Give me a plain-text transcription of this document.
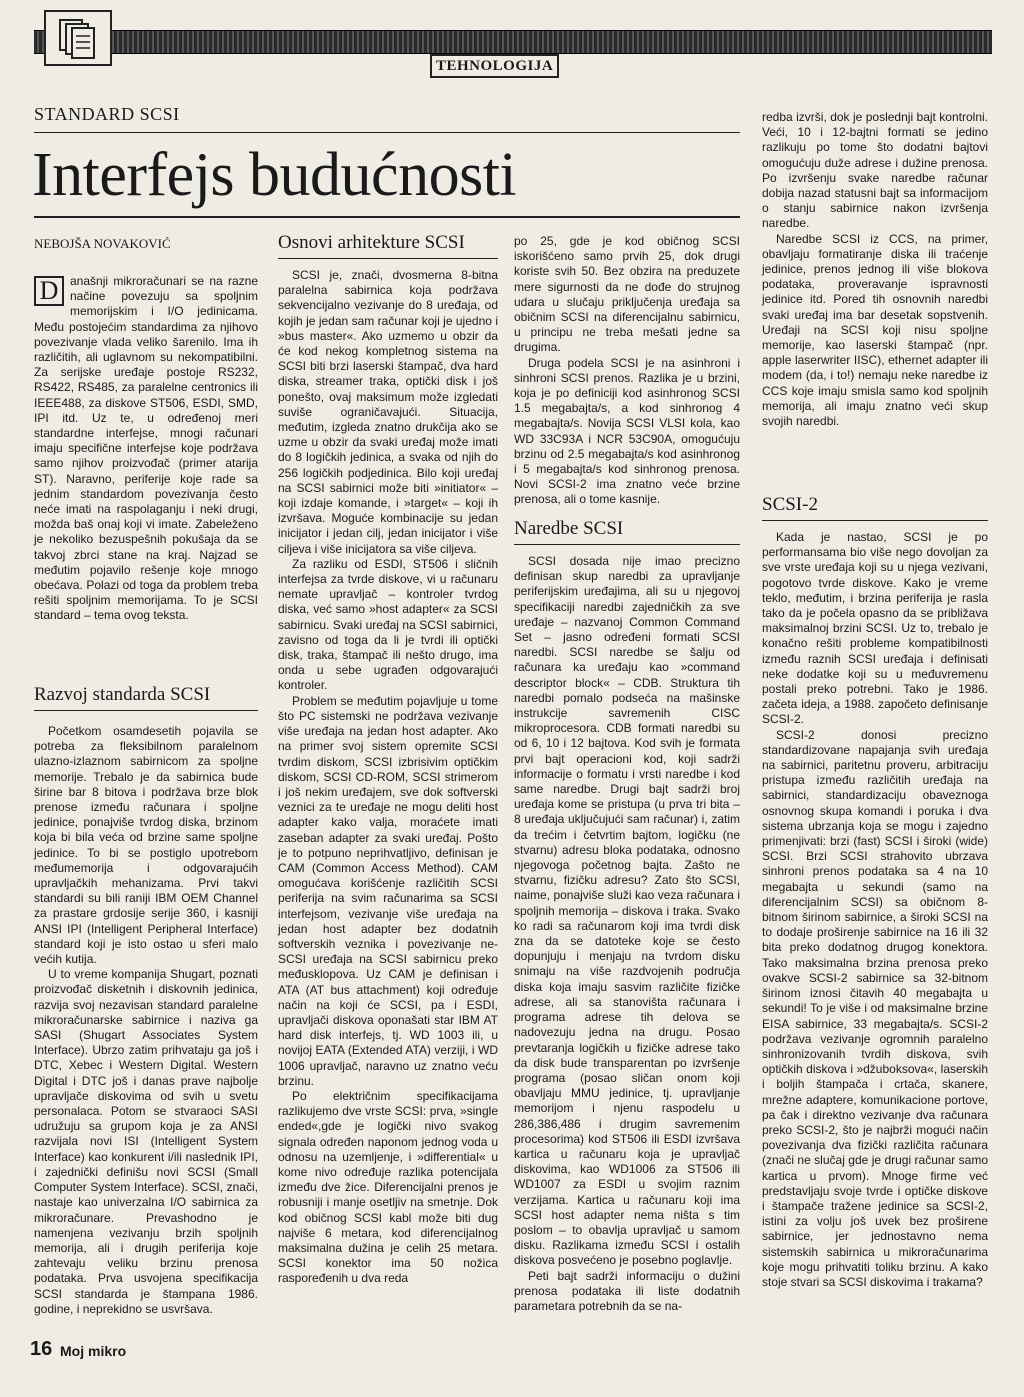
TEHNOLOGIJA
STANDARD SCSI
Interfejs budućnosti
NEBOJŠA NOVAKOVIĆ

D anašnji mikroračunari se na razne načine povezuju sa spoljnim memorijskim i I/O jedinicama. Među postojećim standardima za njihovo povezivanje vlada veliko šarenilo. Ima ih različitih, ali uglavnom su nekompatibilni. Za serijske uređaje postoje RS232, RS422, RS485, za paralelne centronics ili IEEE488, za diskove ST506, ESDI, SMD, IPI itd. Uz te, u određenoj meri standardne interfejse, mnogi računari imaju specifične interfejse koje podržava samo njihov proizvođač (primer atarija ST). Naravno, periferije koje rade sa jednim standardom povezivanja često neće imati na raspolaganju i neki drugi, možda baš onaj koji vi imate. Zabeleženo je nekoliko bezuspešnih pokušaja da se takvoj zbrci stane na kraj. Najzad se međutim pojavilo rešenje koje mnogo obećava. Polazi od toga da problem treba rešiti spoljnim memorijama. To je SCSI standard – tema ovog teksta.

Razvoj standarda SCSI

Početkom osamdesetih pojavila se potreba za fleksibilnom paralelnom ulazno-izlaznom sabirnicom za spoljne memorije. Trebalo je da sabirnica bude širine bar 8 bitova i podržava brze blok prenose između računara i spoljne jedinice, ponajviše tvrdog diska, brzinom koja bi bila veća od brzine same spoljne jedinice. To bi se postiglo upotrebom međumemorija i odgovarajućih upravljačkih mehanizama. Prvi takvi standardi su bili raniji IBM OEM Channel za prastare grdosije serije 360, i kasniji ANSI IPI (Intelligent Peripheral Interface) standard koji je isto ostao u sferi malo većih kutija.

U to vreme kompanija Shugart, poznati proizvođač disketnih i diskovnih jedinica, razvija svoj nezavisan standard paralelne mikroračunarske sabirnice i naziva ga SASI (Shugart Associates System Interface). Ubrzo zatim prihvataju ga još i DTC, Xebec i Western Digital. Western Digital i DTC još i danas prave najbolje upravljače diskovima od svih u svetu personalaca. Potom se stvaraoci SASI udružuju sa grupom koja je za ANSI razvijala novi ISI (Intelligent System Interface) kao konkurent i/ili naslednik IPI, i zajednički definišu novi SCSI (Small Computer System Interface). SCSI, znači, nastaje kao univerzalna I/O sabirnica za mikroračunare. Prevashodno je namenjena vezivanju brzih spoljnih memorija, ali i drugih periferija koje zahtevaju veliku brzinu prenosa podataka. Prva usvojena specifikacija SCSI standarda je štampana 1986. godine, i neprekidno se usvršava.

Osnovi arhitekture SCSI

SCSI je, znači, dvosmerna 8-bitna paralelna sabirnica koja podržava sekvencijalno vezivanje do 8 uređaja, od kojih je jedan sam računar koji je ujedno i »bus master«. Ako uzmemo u obzir da će kod nekog kompletnog sistema na SCSI biti brzi laserski štampač, dva hard diska, streamer traka, optički disk i još ponešto, ovaj maksimum može izgledati suviše ograničavajući. Situacija, međutim, izgleda znatno drukčija ako se uzme u obzir da svaki uređaj može imati do 8 logičkih jedinica, a svaka od njih do 256 logičkih podjedinica. Bilo koji uređaj na SCSI sabirnici može biti »initiator« – koji izdaje komande, i »target« – koji ih izvršava. Moguće kombinacije su jedan inicijator i jedan cilj, jedan inicijator i više ciljeva i više inicijatora sa više ciljeva.

Za razliku od ESDI, ST506 i sličnih interfejsa za tvrde diskove, vi u računaru nemate upravljač – kontroler tvrdog diska, već samo »host adapter« za SCSI sabirnicu. Svaki uređaj na SCSI sabirnici, zavisno od toga da li je tvrdi ili optički disk, traka, štampač ili nešto drugo, ima onda u sebe ugrađen odgovarajući kontroler.

Problem se međutim pojavljuje u tome što PC sistemski ne podržava vezivanje više uređaja na jedan host adapter. Ako na primer svoj sistem opremite SCSI tvrdim diskom, SCSI izbrisivim optičkim diskom, SCSI CD-ROM, SCSI strimerom i još nekim uređajem, sve dok softverski veznici za te uređaje ne mogu deliti host adapter kako valja, moraćete imati zaseban adapter za svaki uređaj. Pošto je to potpuno neprihvatljivo, definisan je CAM (Common Access Method). CAM omogućava korišćenje različitih SCSI periferija na svim računarima sa SCSI interfejsom, vezivanje više uređaja na jedan host adapter bez dodatnih softverskih veznika i povezivanje ne-SCSI uređaja na SCSI sabirnicu preko međusklopova. Uz CAM je definisan i ATA (AT bus attachment) koji određuje način na koji će SCSI, pa i ESDI, upravljači diskova oponašati star IBM AT hard disk interfejs, tj. WD 1003 ili, u novijoj EATA (Extended ATA) verziji, i WD 1006 upravljač, naravno uz znatno veću brzinu.

Po električnim specifikacijama razlikujemo dve vrste SCSI: prva, »single ended«,gde je logički nivo svakog signala određen naponom jednog voda u odnosu na uzemljenje, i »differential« u kome nivo određuje razlika potencijala između dve žice. Diferencijalni prenos je robusniji i manje osetljiv na smetnje. Dok kod običnog SCSI kabl može biti dug najviše 6 metara, kod diferencijalnog maksimalna dužina je celih 25 metara. SCSI konektor ima 50 nožica raspoređenih u dva reda

po 25, gde je kod običnog SCSI iskorišćeno samo prvih 25, dok drugi koriste svih 50. Bez obzira na preduzete mere sigurnosti da ne dođe do strujnog udara u slučaju priključenja uređaja sa običnim SCSI na diferencijalnu sabirnicu, u principu ne treba mešati jedne sa drugima.

Druga podela SCSI je na asinhroni i sinhroni SCSI prenos. Razlika je u brzini, koja je po definiciji kod asinhronog SCSI 1.5 megabajta/s, a kod sinhronog 4 megabajta/s. Novija SCSI VLSI kola, kao WD 33C93A i NCR 53C90A, omogućuju brzinu od 2.5 megabajta/s kod asinhronog i 5 megabajta/s kod sinhronog prenosa. Novi SCSI-2 ima znatno veće brzine prenosa, ali o tome kasnije.

Naredbe SCSI

SCSI dosada nije imao precizno definisan skup naredbi za upravljanje periferijskim uređajima, ali su u njegovoj specifikaciji naredbi zajedničkih za sve uređaje – nazvanoj Common Command Set – jasno određeni formati SCSI naredbi. SCSI naredbe se šalju od računara ka uređaju kao »command descriptor block« – CDB. Struktura tih naredbi pomalo podseća na mašinske instrukcije savremenih CISC mikroprocesora. CDB formati naredbi su od 6, 10 i 12 bajtova. Kod svih je formata prvi bajt operacioni kod, koji sadrži informacije o formatu i vrsti naredbe i kod same naredbe. Drugi bajt sadrži broj uređaja kome se pristupa (u prva tri bita – 8 uređaja uključujući sam računar) i, zatim da trećim i četvrtim bajtom, logičku (ne stvarnu) adresu bloka podataka, odnosno njegovoga početnog bajta. Zašto ne stvarnu, fizičku adresu? Zato što SCSI, naime, ponajviše služi kao veza računara i spoljnih memorija – diskova i traka. Svako ko radi sa računarom koji ima tvrdi disk zna da se datoteke koje se često dopunjuju i menjaju na tvrdom disku snimaju na više razdvojenih područja diska koja imaju sasvim različite fizičke adrese, ali sa stanovišta računara i programa adrese tih delova se nadovezuju jedna na drugu. Posao prevtaranja logičkih u fizičke adrese tako da disk bude transparentan po izvršenje programa (posao sličan onom koji obavljaju MMU jedinice, tj. upravljanje memorijom i njenu raspodelu u 286,386,486 i drugim savremenim procesorima) kod ST506 ili ESDI izvršava kartica u računaru koja je upravljač diskovima, kao WD1006 za ST506 ili WD1007 za ESDI u svojim raznim verzijama. Kartica u računaru koji ima SCSI host adapter nema ništa s tim poslom – to obavlja upravljač u samom disku. Razlikama između SCSI i ostalih diskova posvećeno je posebno poglavlje.

Peti bajt sadrži informaciju o dužini prenosa podataka ili liste dodatnih parametara potrebnih da se na-

redba izvrši, dok je poslednji bajt kontrolni. Veći, 10 i 12-bajtni formati se jedino razlikuju po tome što dodatni bajtovi omogućuju duže adrese i dužine prenosa. Po izvršenju svake naredbe računar dobija nazad statusni bajt sa informacijom o stanju sabirnice nakon izvršenja naredbe.

Naredbe SCSI iz CCS, na primer, obavljaju formatiranje diska ili traćenje jedinice, prenos jednog ili više blokova podataka, proveravanje ispravnosti jedinice itd. Pored tih osnovnih naredbi svaki uređaj ima bar desetak sopstvenih. Uređaji na SCSI koji nisu spoljne memorije, kao laserski štampač (npr. apple laserwriter IISC), ethernet adapter ili modem (da, i to!) nemaju neke naredbe iz CCS koje imaju smisla samo kod spoljnih memorija, ali imaju znatno veći skup svojih naredbi.

SCSI-2

Kada je nastao, SCSI je po performansama bio više nego dovoljan za sve vrste uređaja koji su u njega vezivani, pogotovo tvrde diskove. Kako je vreme teklo, međutim, i brzina periferija je rasla tako da je počela opasno da se približava maksimalnoj brzini SCSI. Uz to, trebalo je konačno rešiti probleme kompatibilnosti između raznih SCSI uređaja i definisati neke dodatke koji su u međuvremenu postali preko potrebni. Tako je 1986. začeta ideja, a 1988. započeto definisanje SCSI-2.

SCSI-2 donosi precizno standardizovane napajanja svih uređaja na sabirnici, paritetnu proveru, arbitraciju pristupa između različitih uređaja na sabirnici, standardizaciju obaveznoga osnovnog skupa komandi i poruka i dva sistema ubrzanja koja se mogu i zajedno primenjivati: brzi (fast) SCSI i široki (wide) SCSI. Brzi SCSI strahovito ubrzava sinhroni prenos podataka sa 4 na 10 megabajta u sekundi (samo na diferencijalnim SCSI) sa običnom 8-bitnom širinom sabirnice, a široki SCSI na to dodaje proširenje sabirnice na 16 ili 32 bita preko dodatnog drugog konektora. Tako maksimalna brzina prenosa preko ovakve SCSI-2 sabirnice sa 32-bitnom širinom iznosi čitavih 40 megabajta u sekundi! To je više i od maksimalne brzine EISA sabirnice, 33 megabajta/s. SCSI-2 podržava vezivanje ogromnih paralelno sinhronizovanih tvrdih diskova, svih optičkih diskova i »džuboksova«, laserskih i boljih štampača i crtača, skanere, mrežne adaptere, komunikacione portove, pa čak i direktno vezivanje dva računara preko SCSI-2, što je najbrži mogući način povezivanja dva fizički različita računara (znači ne slučaj gde je drugi računar samo kartica u prvom). Mnoge firme već predstavljaju svoje tvrde i optičke diskove i štampače tražene jedinice sa SCSI-2, istini za volju još uvek bez proširene sabirnice, jer jednostavno nema sistemskih sabirnica u mikroračunarima koje mogu prihvatiti toliku brzinu. A kako stoje stvari sa SCSI diskovima i trakama?

16 Moj mikro
